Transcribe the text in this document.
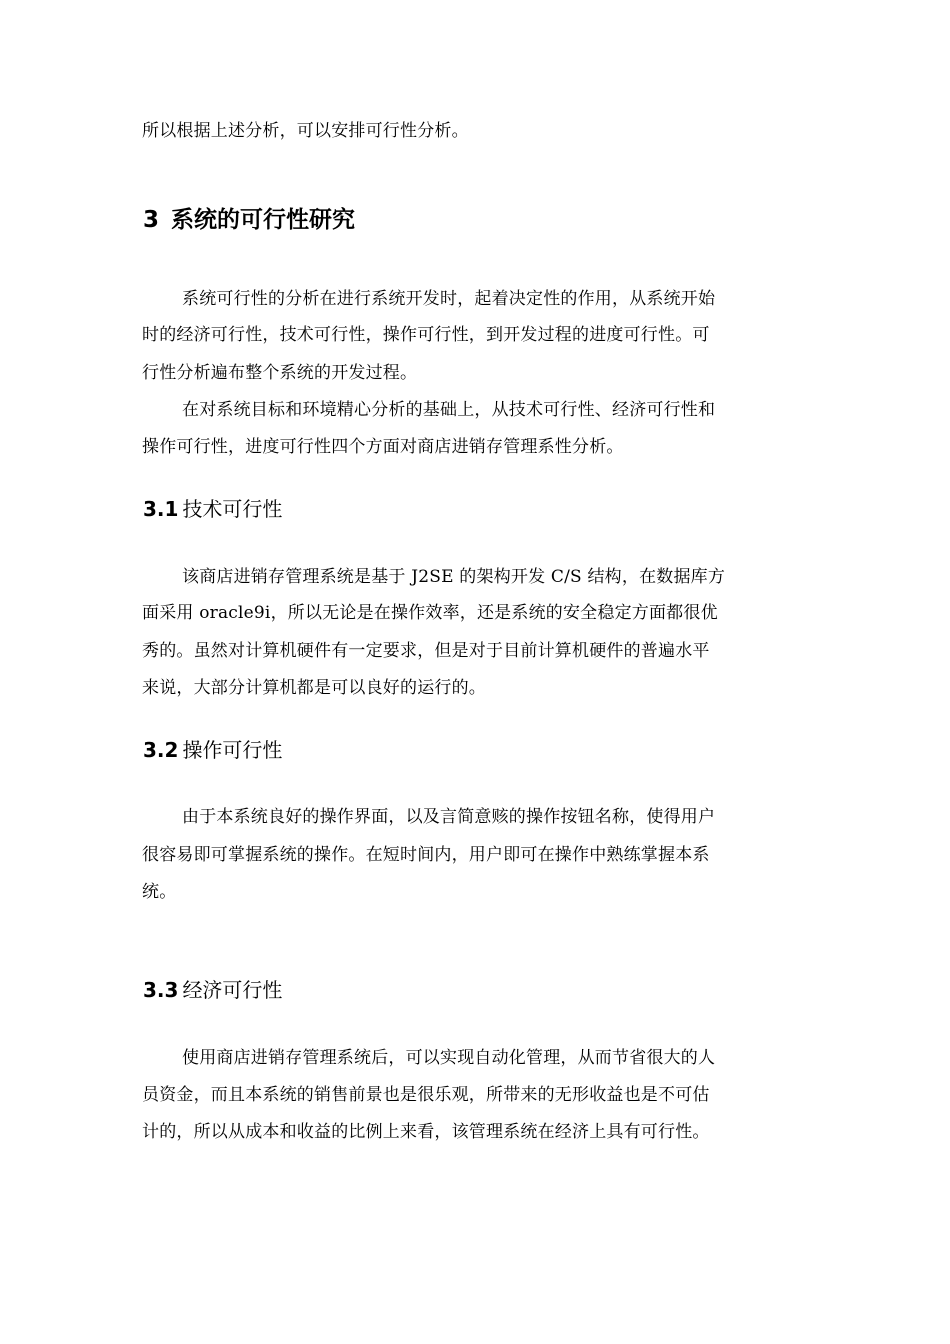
所以根据上述分析，可以安排可行性分析。
3 系统的可行性研究
系统可行性的分析在进行系统开发时，起着决定性的作用，从系统开始
时的经济可行性，技术可行性，操作可行性，到开发过程的进度可行性。可
行性分析遍布整个系统的开发过程。
在对系统目标和环境精心分析的基础上，从技术可行性、经济可行性和
操作可行性，进度可行性四个方面对商店进销存管理系性分析。
3.1 技术可行性
该商店进销存管理系统是基于 J2SE 的架构开发 C/S 结构，在数据库方
面采用 oracle9i，所以无论是在操作效率，还是系统的安全稳定方面都很优
秀的。虽然对计算机硬件有一定要求，但是对于目前计算机硬件的普遍水平
来说，大部分计算机都是可以良好的运行的。
3.2 操作可行性
由于本系统良好的操作界面，以及言简意赅的操作按钮名称，使得用户
很容易即可掌握系统的操作。在短时间内，用户即可在操作中熟练掌握本系
统。
3.3 经济可行性
使用商店进销存管理系统后，可以实现自动化管理，从而节省很大的人
员资金，而且本系统的销售前景也是很乐观，所带来的无形收益也是不可估
计的，所以从成本和收益的比例上来看，该管理系统在经济上具有可行性。
